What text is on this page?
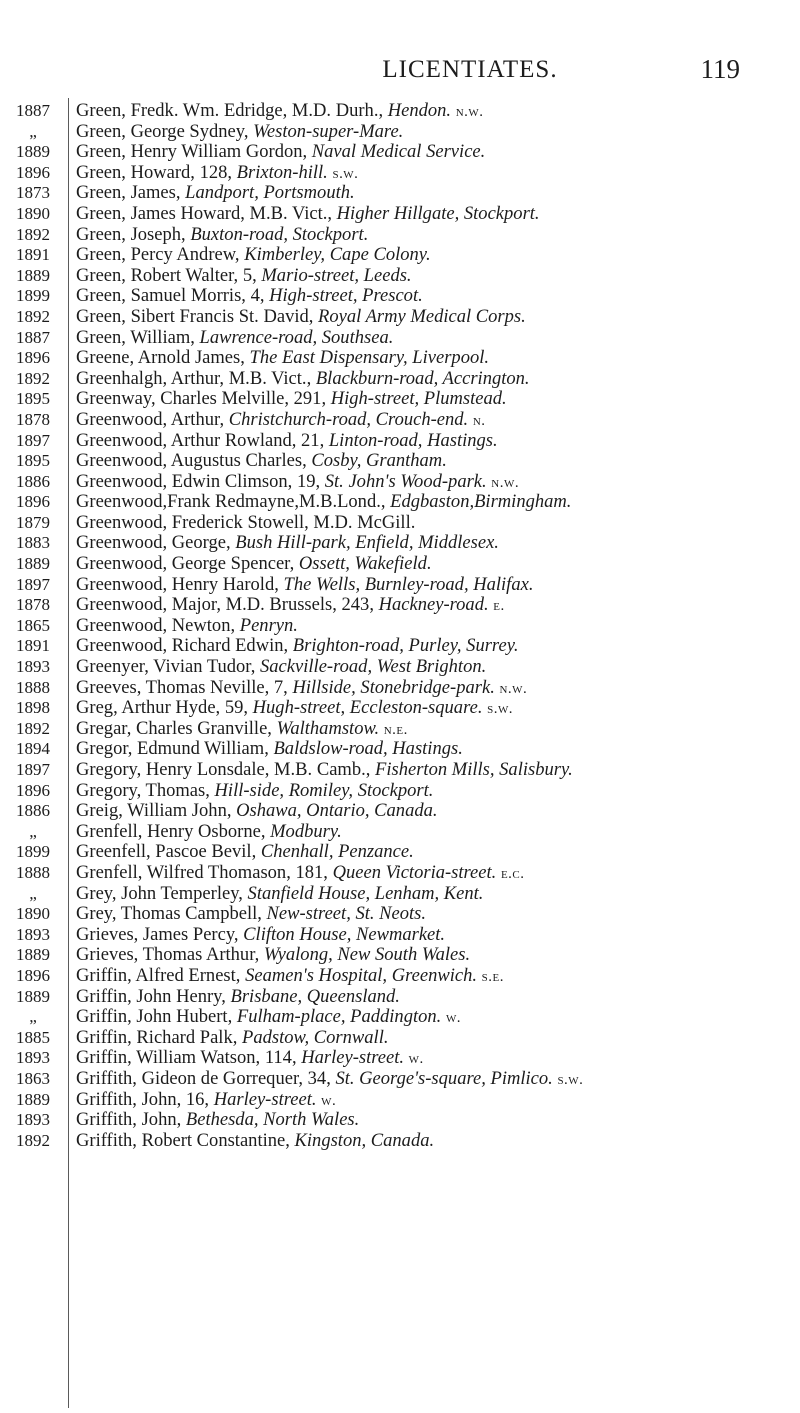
LICENTIATES.	119
1887
„
1889
1896
1873
1890
1892
1891
1889
1899
1892
1887
1896
1892
1895
1878
1897
1895
1886
1896
1879
1883
1889
1897
1878
1865
1891
1893
1888
1898
1892
1894
1897
1896
1886
„
1899
1888
„
1890
1893
1889
1896
1889
„
1885
1893
1863
1889
1893
1892
Green, Fredk. Wm. Edridge, M.D. Durh., Hendon. n.w.
Green, George Sydney, Weston-super-Mare.
Green, Henry William Gordon, Naval Medical Service.
Green, Howard, 128, Brixton-hill. s.w.
Green, James, Landport, Portsmouth.
Green, James Howard, M.B. Vict., Higher Hillgate, Stockport.
Green, Joseph, Buxton-road, Stockport.
Green, Percy Andrew, Kimberley, Cape Colony.
Green, Robert Walter, 5, Mario-street, Leeds.
Green, Samuel Morris, 4, High-street, Prescot.
Green, Sibert Francis St. David, Royal Army Medical Corps.
Green, William, Lawrence-road, Southsea.
Greene, Arnold James, The East Dispensary, Liverpool.
Greenhalgh, Arthur, M.B. Vict., Blackburn-road, Accrington.
Greenway, Charles Melville, 291, High-street, Plumstead.
Greenwood, Arthur, Christchurch-road, Crouch-end. n.
Greenwood, Arthur Rowland, 21, Linton-road, Hastings.
Greenwood, Augustus Charles, Cosby, Grantham.
Greenwood, Edwin Climson, 19, St. John's Wood-park. n.w.
Greenwood,Frank Redmayne,M.B.Lond., Edgbaston,Birmingham.
Greenwood, Frederick Stowell, M.D. McGill.
Greenwood, George, Bush Hill-park, Enfield, Middlesex.
Greenwood, George Spencer, Ossett, Wakefield.
Greenwood, Henry Harold, The Wells, Burnley-road, Halifax.
Greenwood, Major, M.D. Brussels, 243, Hackney-road. e.
Greenwood, Newton, Penryn.
Greenwood, Richard Edwin, Brighton-road, Purley, Surrey.
Greenyer, Vivian Tudor, Sackville-road, West Brighton.
Greeves, Thomas Neville, 7, Hillside, Stonebridge-park. n.w.
Greg, Arthur Hyde, 59, Hugh-street, Eccleston-square. s.w.
Gregar, Charles Granville, Walthamstow. n.e.
Gregor, Edmund William, Baldslow-road, Hastings.
Gregory, Henry Lonsdale, M.B. Camb., Fisherton Mills, Salisbury.
Gregory, Thomas, Hill-side, Romiley, Stockport.
Greig, William John, Oshawa, Ontario, Canada.
Grenfell, Henry Osborne, Modbury.
Greenfell, Pascoe Bevil, Chenhall, Penzance.
Grenfell, Wilfred Thomason, 181, Queen Victoria-street. e.c.
Grey, John Temperley, Stanfield House, Lenham, Kent.
Grey, Thomas Campbell, New-street, St. Neots.
Grieves, James Percy, Clifton House, Newmarket.
Grieves, Thomas Arthur, Wyalong, New South Wales.
Griffin, Alfred Ernest, Seamen's Hospital, Greenwich. s.e.
Griffin, John Henry, Brisbane, Queensland.
Griffin, John Hubert, Fulham-place, Paddington. w.
Griffin, Richard Palk, Padstow, Cornwall.
Griffin, William Watson, 114, Harley-street. w.
Griffith, Gideon de Gorrequer, 34, St. George's-square, Pimlico. s.w.
Griffith, John, 16, Harley-street. w.
Griffith, John, Bethesda, North Wales.
Griffith, Robert Constantine, Kingston, Canada.
